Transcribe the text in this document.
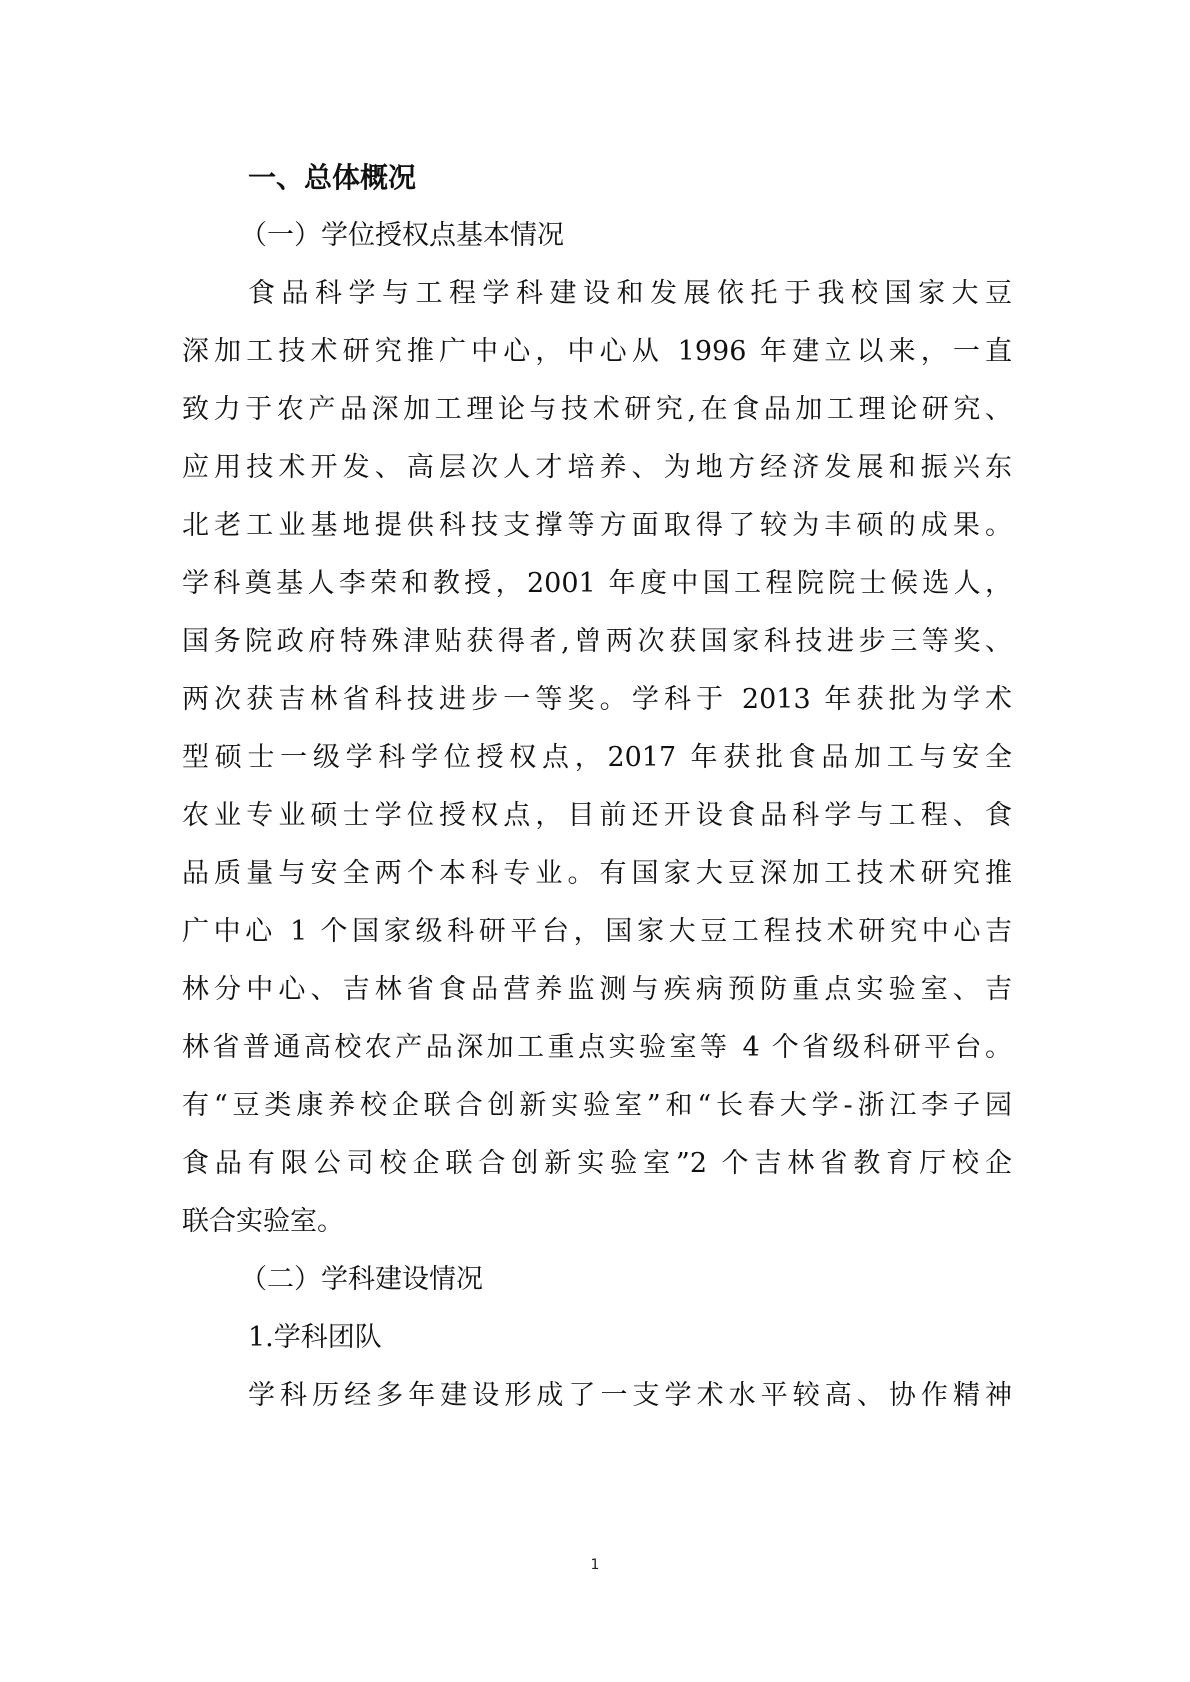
一、总体概况
（一）学位授权点基本情况
食品科学与工程学科建设和发展依托于我校国家大豆
深加工技术研究推广中心，中心从 1996 年建立以来，一直
致力于农产品深加工理论与技术研究,在食品加工理论研究、
应用技术开发、高层次人才培养、为地方经济发展和振兴东
北老工业基地提供科技支撑等方面取得了较为丰硕的成果。
学科奠基人李荣和教授，2001 年度中国工程院院士候选人，
国务院政府特殊津贴获得者,曾两次获国家科技进步三等奖、
两次获吉林省科技进步一等奖。学科于 2013 年获批为学术
型硕士一级学科学位授权点，2017 年获批食品加工与安全
农业专业硕士学位授权点，目前还开设食品科学与工程、食
品质量与安全两个本科专业。有国家大豆深加工技术研究推
广中心 1 个国家级科研平台，国家大豆工程技术研究中心吉
林分中心、吉林省食品营养监测与疾病预防重点实验室、吉
林省普通高校农产品深加工重点实验室等 4 个省级科研平台。
有“豆类康养校企联合创新实验室”和“长春大学-浙江李子园
食品有限公司校企联合创新实验室”2 个吉林省教育厅校企
联合实验室。
（二）学科建设情况
1.学科团队
学科历经多年建设形成了一支学术水平较高、协作精神
1
